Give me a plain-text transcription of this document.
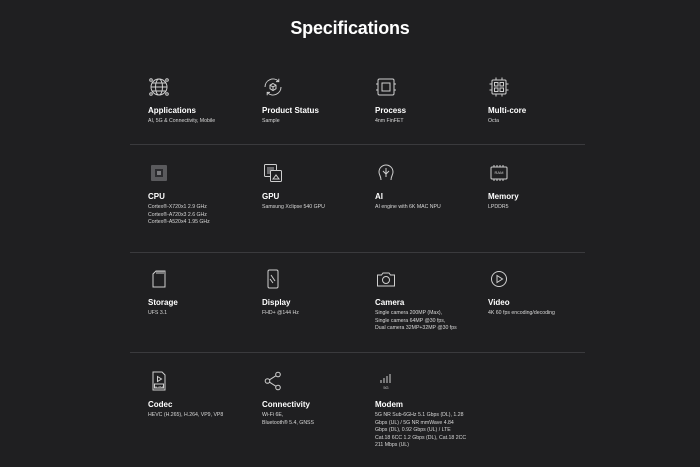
Specifications
Applications
AI, 5G & Connectivity, Mobile
Product Status
Sample
Process
4nm FinFET
Multi-core
Octa
CPU
Cortex®-X720x1 2.9 GHz
Cortex®-A720x3 2.6 GHz
Cortex®-A520x4 1.95 GHz
GPU
Samsung Xclipse 540 GPU
AI
AI engine with 6K MAC NPU
RAM
Memory
LPDDR5
Storage
UFS 3.1
Display
FHD+ @144 Hz
Camera
Single camera 200MP (Max),
Single camera 64MP @30 fps,
Dual camera 32MP+32MP @30 fps
Video
4K 60 fps encoding/decoding
H.264
Codec
HEVC (H.265), H.264, VP9, VP8
Connectivity
Wi-Fi 6E,
Bluetooth® 5.4, GNSS
5G
Modem
5G NR Sub-6GHz 5.1 Gbps (DL), 1.28
Gbps (UL) / 5G NR mmWave 4.84
Gbps (DL), 0.92 Gbps (UL) / LTE
Cat.18 6CC 1.2 Gbps (DL), Cat.18 2CC
211 Mbps (UL)
